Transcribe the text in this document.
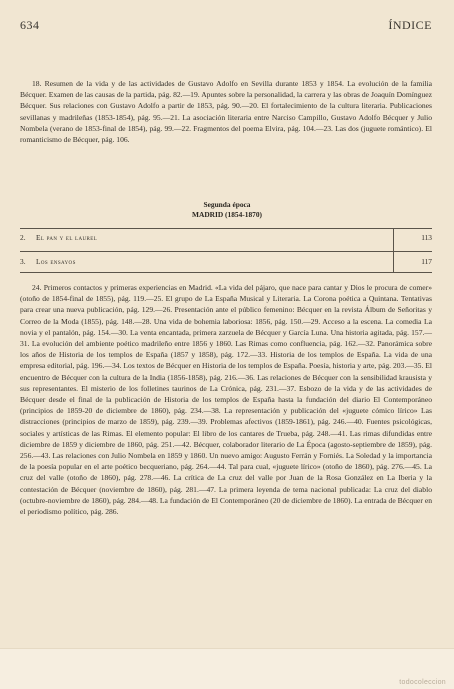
634	ÍNDICE

18. Resumen de la vida y de las actividades de Gustavo Adolfo en Sevilla durante 1853 y 1854. La evolución de la familia Bécquer. Examen de las causas de la partida, pág. 82.—19. Apuntes sobre la personalidad, la carrera y las obras de Joaquín Domínguez Bécquer. Sus relaciones con Gustavo Adolfo a partir de 1853, pág. 90.—20. El fortalecimiento de la cultura literaria. Publicaciones sevillanas y madrileñas (1853-1854), pág. 95.—21. La asociación literaria entre Narciso Campillo, Gustavo Adolfo Bécquer y Julio Nombela (verano de 1853-final de 1854), pág. 99.—22. Fragmentos del poema Elvira, pág. 104.—23. Las dos (juguete romántico). El romanticismo de Bécquer, pág. 106.

Segunda época
MADRID (1854-1870)
2. El pan y el laurel	113
3. Los ensayos	117

24. Primeros contactos y primeras experiencias en Madrid. «La vida del pájaro, que nace para cantar y Dios le procura de comer» (otoño de 1854-final de 1855), pág. 119.—25. El grupo de La España Musical y Literaria. La Corona poética a Quintana. Tentativas para crear una nueva publicación, pág. 129.—26. Presentación ante el público femenino: Bécquer en la revista Álbum de Señoritas y Correo de la Moda (1855), pág. 148.—28. Una vida de bohemia laboriosa: 1856, pág. 150.—29. Acceso a la escena. La comedia La novia y el pantalón, pág. 154.—30. La venta encantada, primera zarzuela de Bécquer y García Luna. Una historia agitada, pág. 157.—31. La evolución del ambiente poético madrileño entre 1856 y 1860. Las Rimas como confluencia, pág. 162.—32. Panorámica sobre los años de Historia de los templos de España (1857 y 1858), pág. 172.—33. Historia de los templos de España. La vida de una empresa editorial, pág. 196.—34. Los textos de Bécquer en Historia de los templos de España. Poesía, historia y arte, pág. 203.—35. El encuentro de Bécquer con la cultura de la India (1856-1858), pág. 216.—36. Las relaciones de Bécquer con la sensibilidad krausista y sus representantes. El misterio de los folletines taurinos de La Crónica, pág. 231.—37. Esbozo de la vida y de las actividades de Bécquer desde el final de la publicación de Historia de los templos de España hasta la fundación del diario El Contemporáneo (principios de 1859-20 de diciembre de 1860), pág. 234.—38. La representación y publicación del «juguete cómico lírico» Las distracciones (principios de marzo de 1859), pág. 239.—39. Problemas afectivos (1859-1861), pág. 246.—40. Fuentes psicológicas, sociales y artísticas de las Rimas. El elemento popular: El libro de los cantares de Trueba, pág. 248.—41. Las rimas difundidas entre diciembre de 1859 y diciembre de 1860, pág. 251.—42. Bécquer, colaborador literario de La Época (agosto-septiembre de 1859), pág. 256.—43. Las relaciones con Julio Nombela en 1859 y 1860. Un nuevo amigo: Augusto Ferrán y Forniés. La Soledad y la importancia de la poesía popular en el arte poético becqueriano, pág. 264.—44. Tal para cual, «juguete lírico» (otoño de 1860), pág. 276.—45. La cruz del valle (otoño de 1860), pág. 278.—46. La crítica de La cruz del valle por Juan de la Rosa González en La Iberia y la contestación de Bécquer (noviembre de 1860), pág. 281.—47. La primera leyenda de tema nacional publicada: La cruz del diablo (octubre-noviembre de 1860), pág. 284.—48. La fundación de El Contemporáneo (20 de diciembre de 1860). La entrada de Bécquer en el periodismo político, pág. 286.

todocoleccion
